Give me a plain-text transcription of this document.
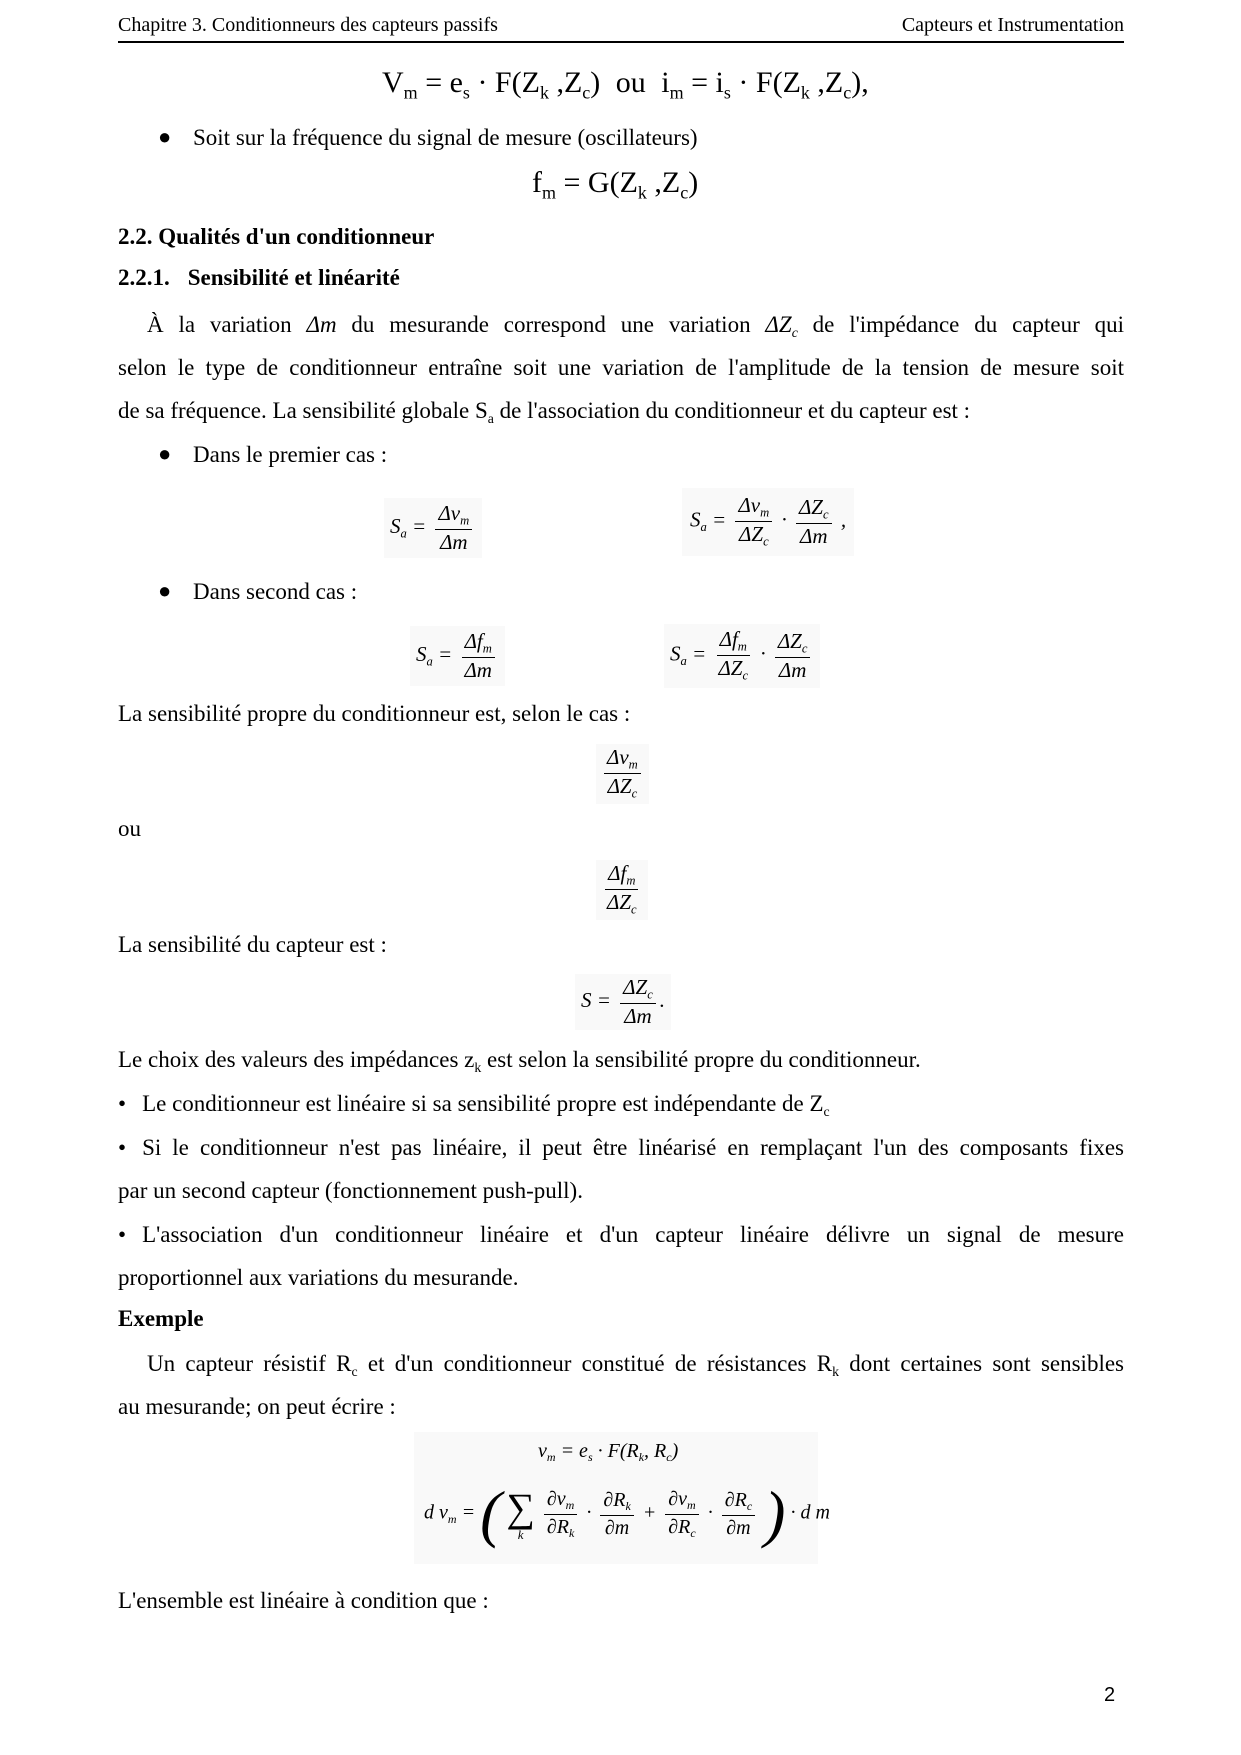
Chapitre 3. Conditionneurs des capteurs passifs	Capteurs et Instrumentation
$V_m = e_s \cdot F(Z_k$ $,Z_c$) ou $i_m = i_s \cdot F(Z_k$ $,Z_c$),
● Soit sur la fréquence du signal de mesure (oscillateurs)
$f_m = G(Z_k$ $,Z_c$)
2.2. Qualités d'un conditionneur
2.2.1. Sensibilité et linéarité
À la variation Δm du mesurande correspond une variation $\Delta Z_c$ de l'impédance du capteur qui
selon le type de conditionneur entraîne soit une variation de l'amplitude de la tension de mesure soit
de sa fréquence. La sensibilité globale $S_a$ de l'association du conditionneur et du capteur est :
● Dans le premier cas :
$S_a = \frac{\Delta v_m}{\Delta m}$	$S_a = \frac{\Delta v_m}{\Delta Z_c} \cdot \frac{\Delta Z_c}{\Delta m}$ ,
● Dans second cas :
$S_a = \frac{\Delta f_m}{\Delta m}$	$S_a = \frac{\Delta f_m}{\Delta Z_c} \cdot \frac{\Delta Z_c}{\Delta m}$
La sensibilité propre du conditionneur est, selon le cas :
$\frac{\Delta v_m}{\Delta Z_c}$
ou
$\frac{\Delta f_m}{\Delta Z_c}$
La sensibilité du capteur est :
$S = \frac{\Delta Z_c}{\Delta m}$ .
Le choix des valeurs des impédances $z_k$ est selon la sensibilité propre du conditionneur.
• Le conditionneur est linéaire si sa sensibilité propre est indépendante de $Z_c$
• Si le conditionneur n'est pas linéaire, il peut être linéarisé en remplaçant l'un des composants fixes
par un second capteur (fonctionnement push-pull).
• L'association d'un conditionneur linéaire et d'un capteur linéaire délivre un signal de mesure
proportionnel aux variations du mesurande.
Exemple
Un capteur résistif $R_c$ et d'un conditionneur constitué de résistances $R_k$ dont certaines sont sensibles
au mesurande; on peut écrire :
$v_m = e_s \cdot F(R_k$, $R_c$)
d $v_m$ = ( ∑
k
$\frac{\partial v_m}{\partial R_k} \cdot \frac{\partial R_k}{\partial m} + \frac{\partial v_m}{\partial R_c} \cdot \frac{\partial R_c}{\partial m}$ ) · d m
L'ensemble est linéaire à condition que :
2
